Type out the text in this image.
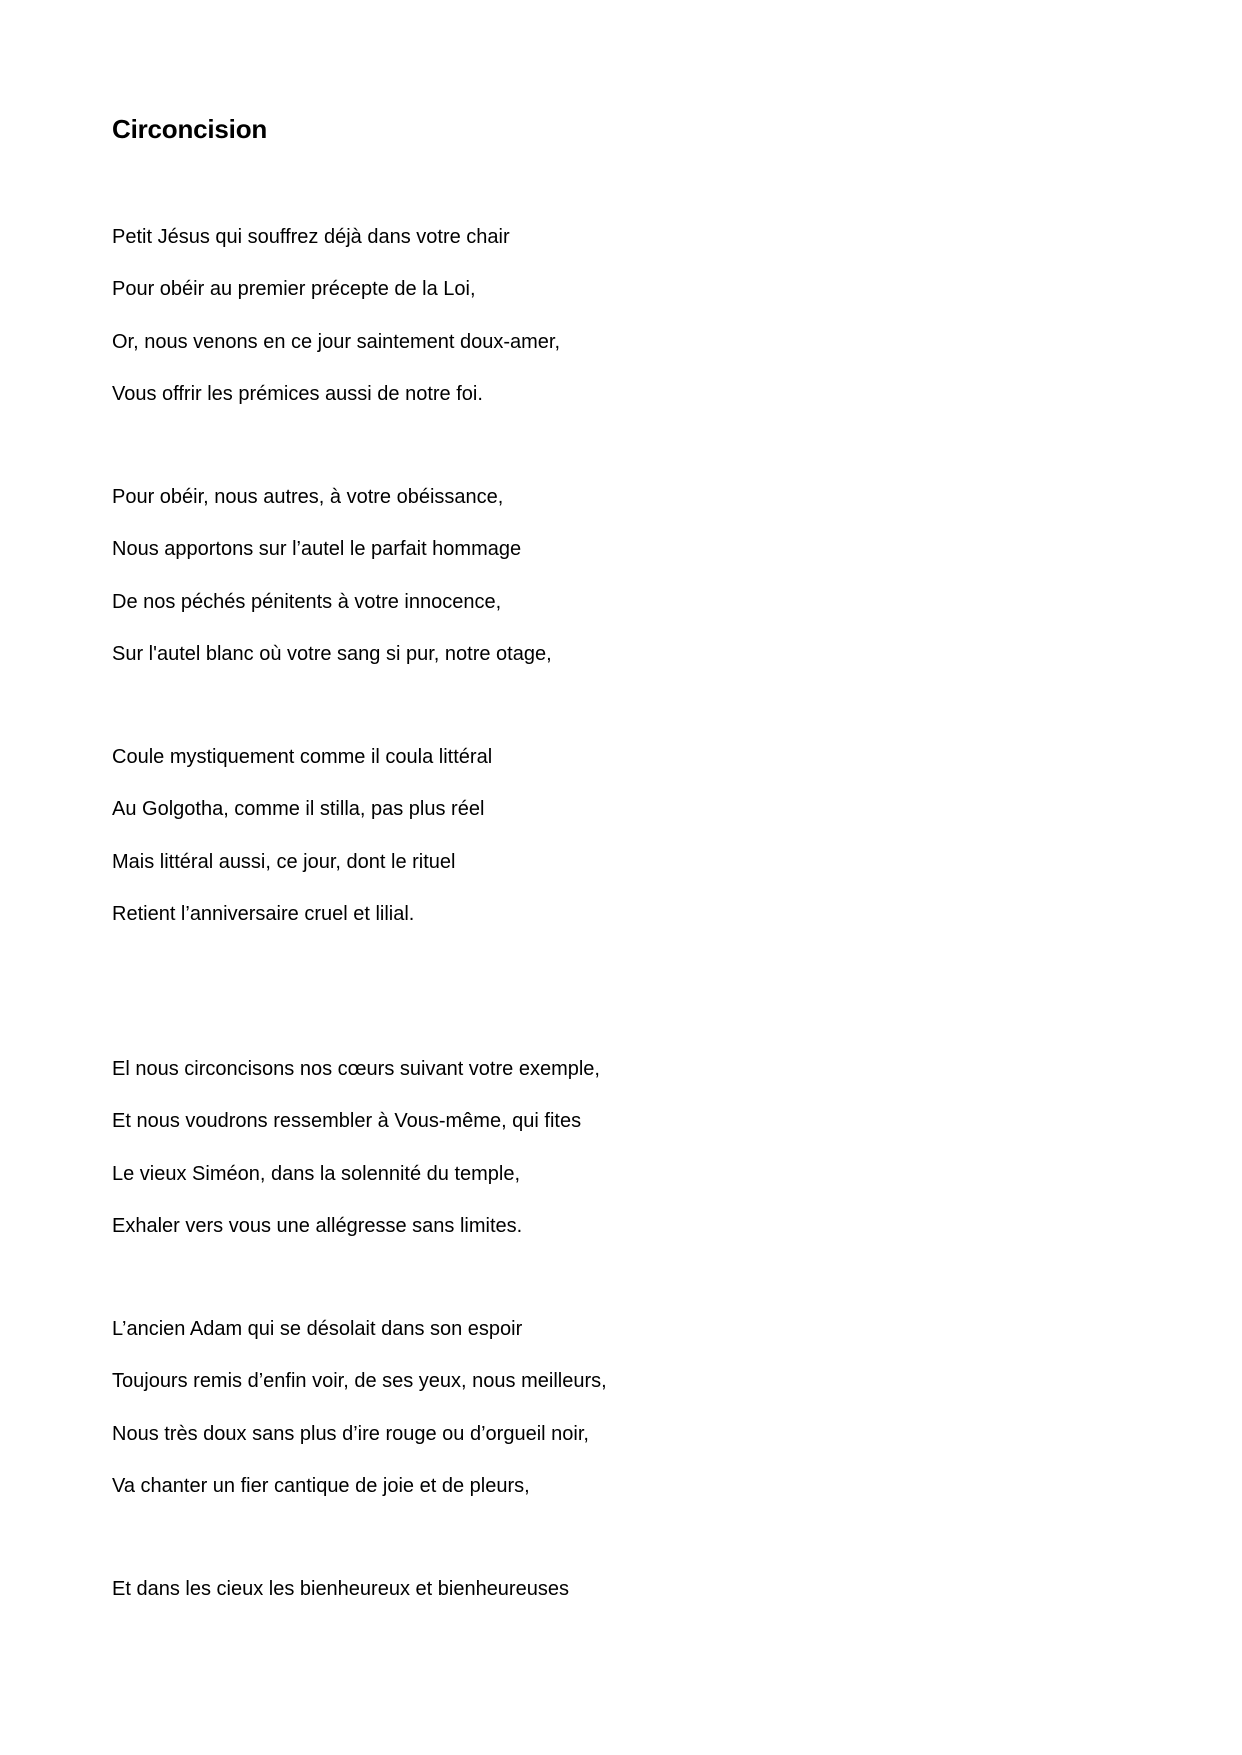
Circoncision
Petit Jésus qui souffrez déjà dans votre chair
Pour obéir au premier précepte de la Loi,
Or, nous venons en ce jour saintement doux-amer,
Vous offrir les prémices aussi de notre foi.
Pour obéir, nous autres, à votre obéissance,
Nous apportons sur l’autel le parfait hommage
De nos péchés pénitents à votre innocence,
Sur l'autel blanc où votre sang si pur, notre otage,
Coule mystiquement comme il coula littéral
Au Golgotha, comme il stilla, pas plus réel
Mais littéral aussi, ce jour, dont le rituel
Retient l’anniversaire cruel et lilial.
El nous circoncisons nos cœurs suivant votre exemple,
Et nous voudrons ressembler à Vous-même, qui fites
Le vieux Siméon, dans la solennité du temple,
Exhaler vers vous une allégresse sans limites.
L’ancien Adam qui se désolait dans son espoir
Toujours remis d’enfin voir, de ses yeux, nous meilleurs,
Nous très doux sans plus d’ire rouge ou d’orgueil noir,
Va chanter un fier cantique de joie et de pleurs,
Et dans les cieux les bienheureux et bienheureuses
